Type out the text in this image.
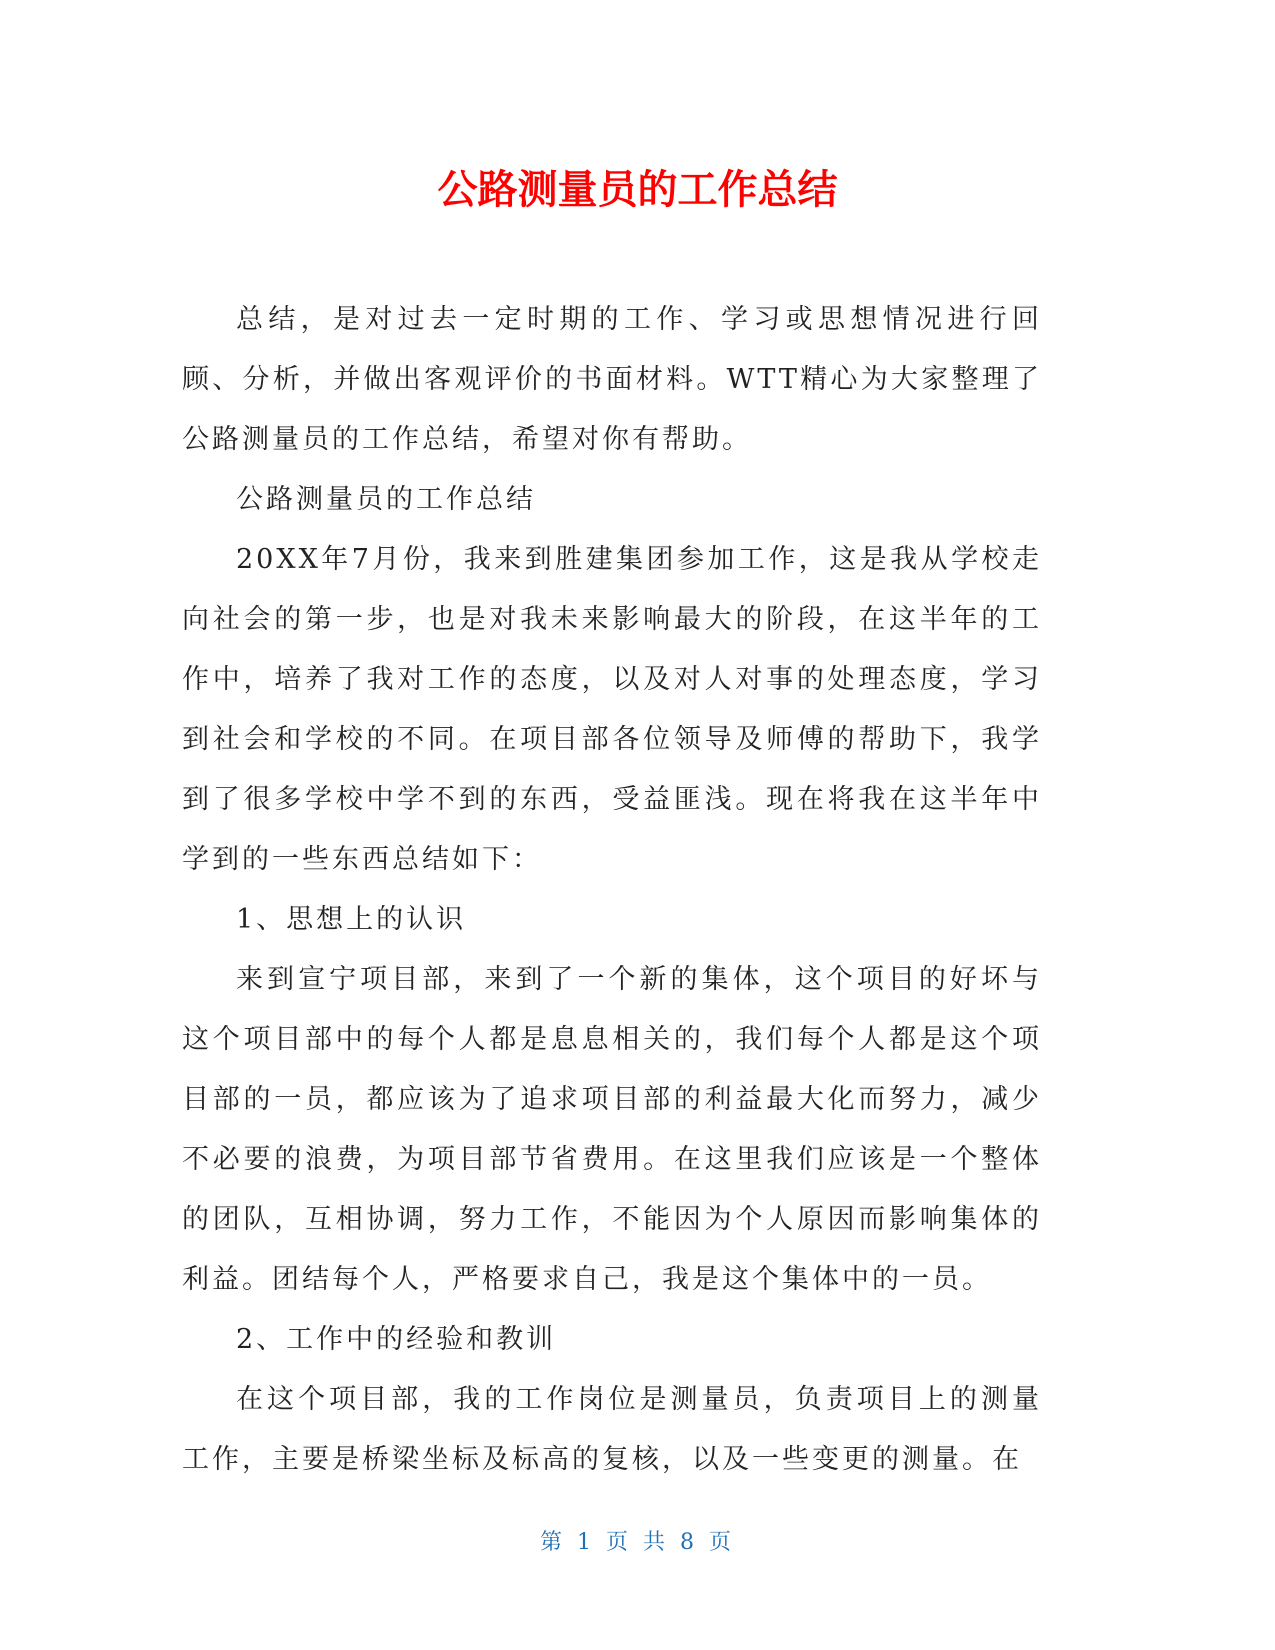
公路测量员的工作总结

总结，是对过去一定时期的工作、学习或思想情况进行回顾、分析，并做出客观评价的书面材料。WTT精心为大家整理了公路测量员的工作总结，希望对你有帮助。

公路测量员的工作总结

20XX年7月份，我来到胜建集团参加工作，这是我从学校走向社会的第一步，也是对我未来影响最大的阶段，在这半年的工作中，培养了我对工作的态度，以及对人对事的处理态度，学习到社会和学校的不同。在项目部各位领导及师傅的帮助下，我学到了很多学校中学不到的东西，受益匪浅。现在将我在这半年中学到的一些东西总结如下：

1、思想上的认识

来到宣宁项目部，来到了一个新的集体，这个项目的好坏与这个项目部中的每个人都是息息相关的，我们每个人都是这个项目部的一员，都应该为了追求项目部的利益最大化而努力，减少不必要的浪费，为项目部节省费用。在这里我们应该是一个整体的团队，互相协调，努力工作，不能因为个人原因而影响集体的利益。团结每个人，严格要求自己，我是这个集体中的一员。

2、工作中的经验和教训

在这个项目部，我的工作岗位是测量员，负责项目上的测量工作，主要是桥梁坐标及标高的复核，以及一些变更的测量。在

第 1 页 共 8 页
